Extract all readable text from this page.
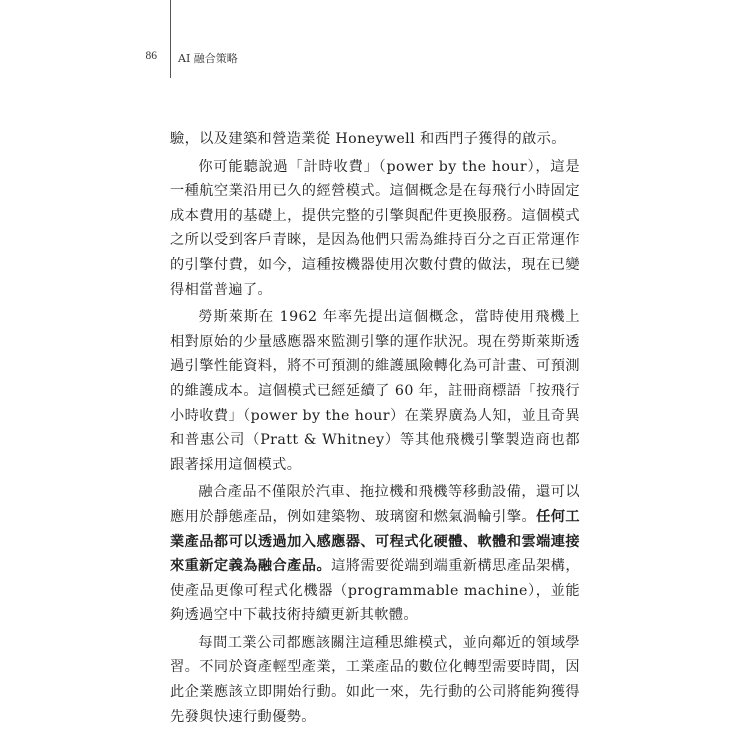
86 AI 融合策略

驗，以及建築和營造業從 Honeywell 和西門子獲得的啟示。

你可能聽說過「計時收費」（power by the hour），這是一種航空業沿用已久的經營模式。這個概念是在每飛行小時固定成本費用的基礎上，提供完整的引擎與配件更換服務。這個模式之所以受到客戶青睞，是因為他們只需為維持百分之百正常運作的引擎付費，如今，這種按機器使用次數付費的做法，現在已變得相當普遍了。

勞斯萊斯在 1962 年率先提出這個概念，當時使用飛機上相對原始的少量感應器來監測引擎的運作狀況。現在勞斯萊斯透過引擎性能資料，將不可預測的維護風險轉化為可計畫、可預測的維護成本。這個模式已經延續了 60 年，註冊商標語「按飛行小時收費」（power by the hour）在業界廣為人知，並且奇異和普惠公司（Pratt & Whitney）等其他飛機引擎製造商也都跟著採用這個模式。

融合產品不僅限於汽車、拖拉機和飛機等移動設備，還可以應用於靜態產品，例如建築物、玻璃窗和燃氣渦輪引擎。任何工業產品都可以透過加入感應器、可程式化硬體、軟體和雲端連接來重新定義為融合產品。這將需要從端到端重新構思產品架構，使產品更像可程式化機器（programmable machine），並能夠透過空中下載技術持續更新其軟體。

每間工業公司都應該關注這種思維模式，並向鄰近的領域學習。不同於資產輕型產業，工業產品的數位化轉型需要時間，因此企業應該立即開始行動。如此一來，先行動的公司將能夠獲得先發與快速行動優勢。
